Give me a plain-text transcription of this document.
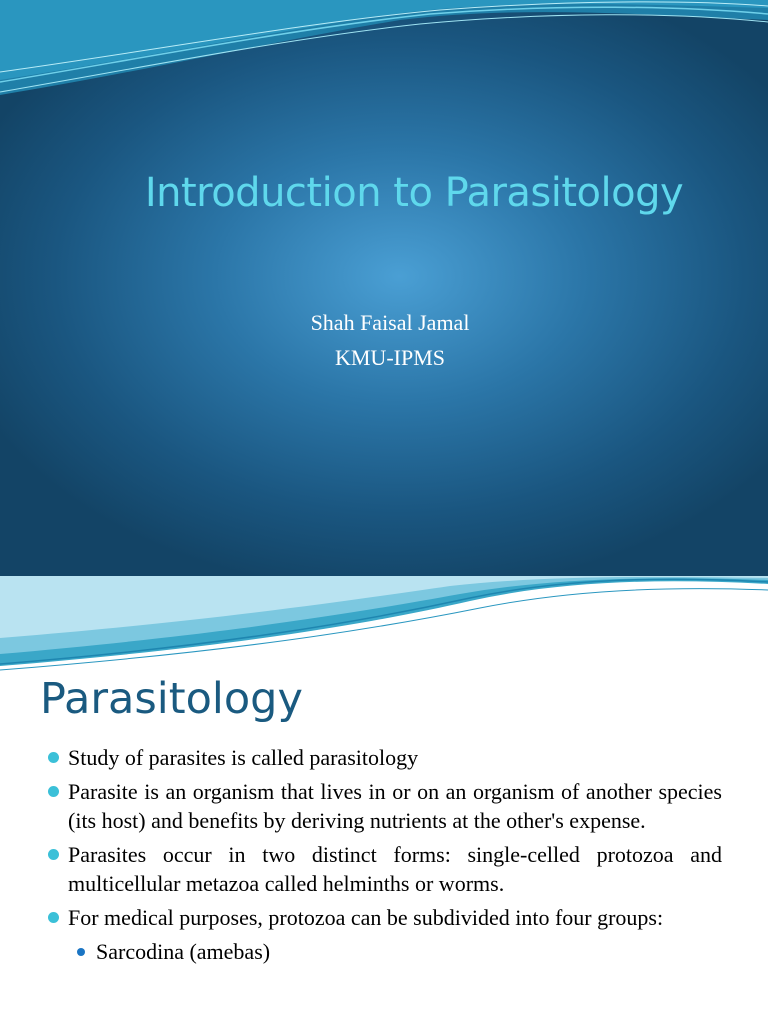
Introduction to Parasitology
Shah Faisal Jamal
KMU-IPMS
Parasitology
Study of parasites is called parasitology
Parasite is an organism that lives in or on an organism of another species (its host) and benefits by deriving nutrients at the other's expense.
Parasites occur in two distinct forms: single-celled protozoa and multicellular metazoa called helminths or worms.
For medical purposes, protozoa can be subdivided into four groups:
Sarcodina (amebas)
